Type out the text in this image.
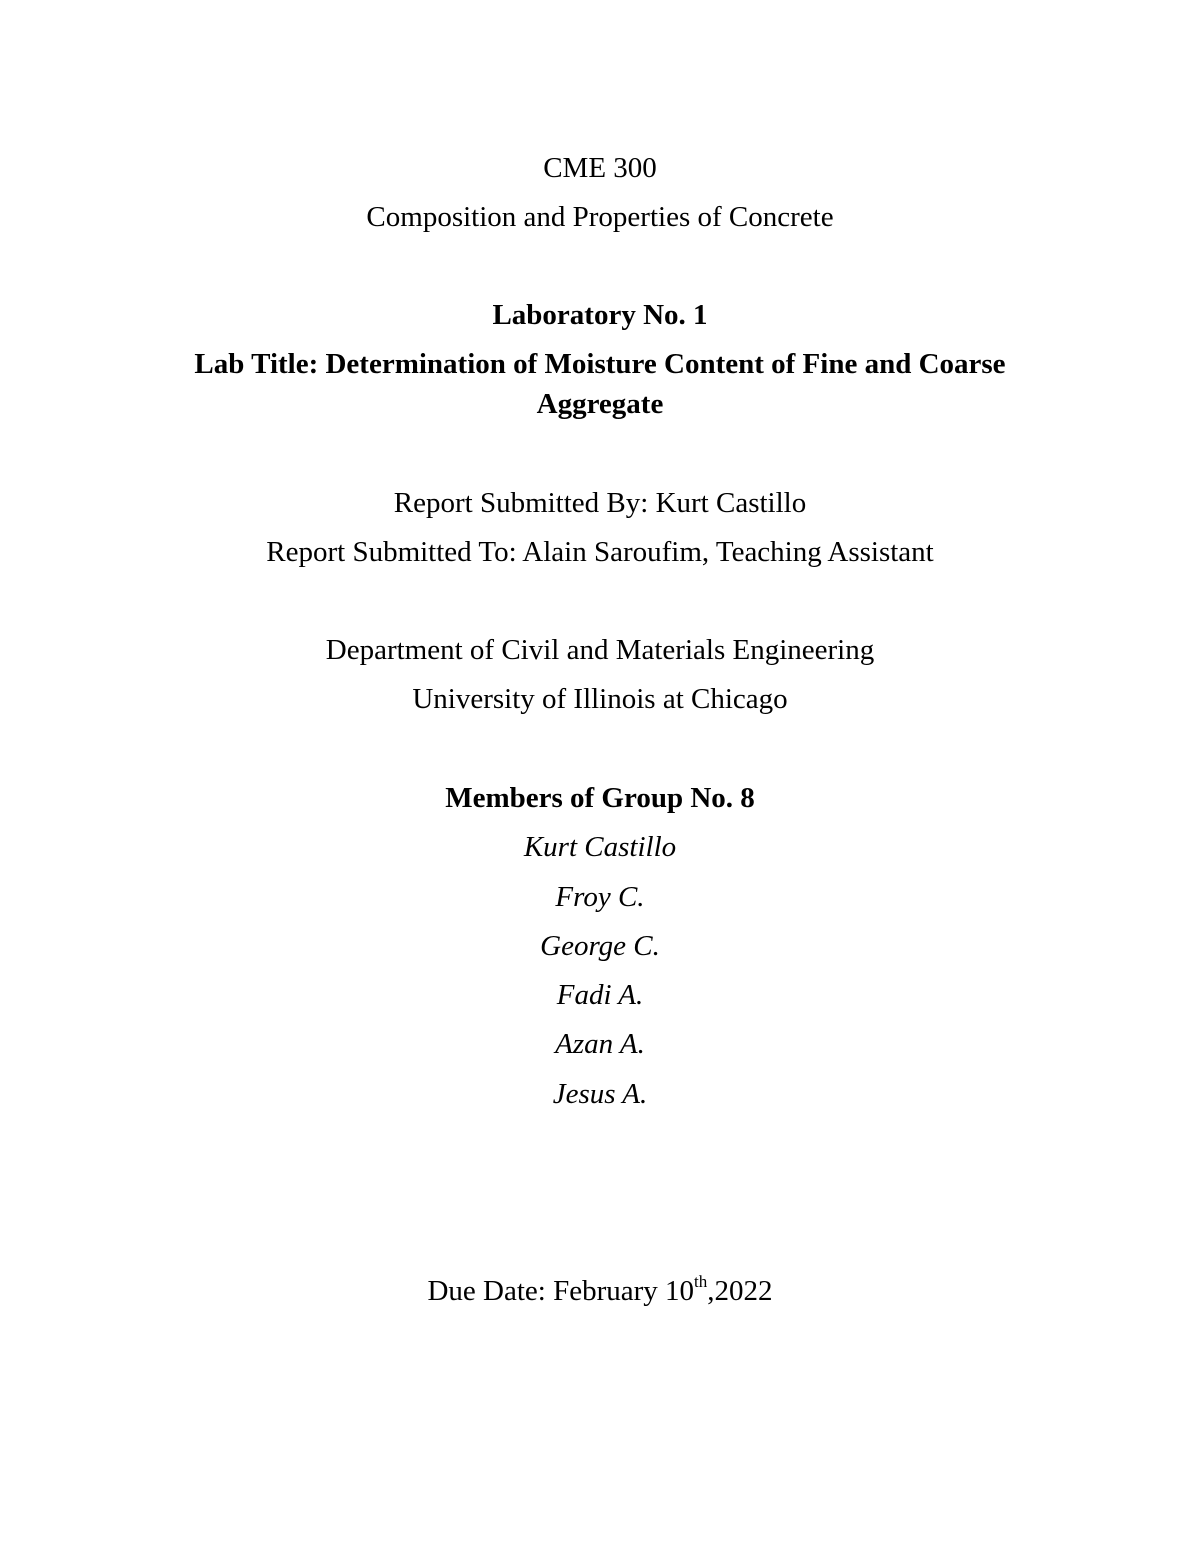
CME 300
Composition and Properties of Concrete
Laboratory No. 1
Lab Title: Determination of Moisture Content of Fine and Coarse
Aggregate
Report Submitted By: Kurt Castillo
Report Submitted To: Alain Saroufim, Teaching Assistant
Department of Civil and Materials Engineering
University of Illinois at Chicago
Members of Group No. 8
Kurt Castillo
Froy C.
George C.
Fadi A.
Azan A.
Jesus A.
Due Date: February 10th,2022
